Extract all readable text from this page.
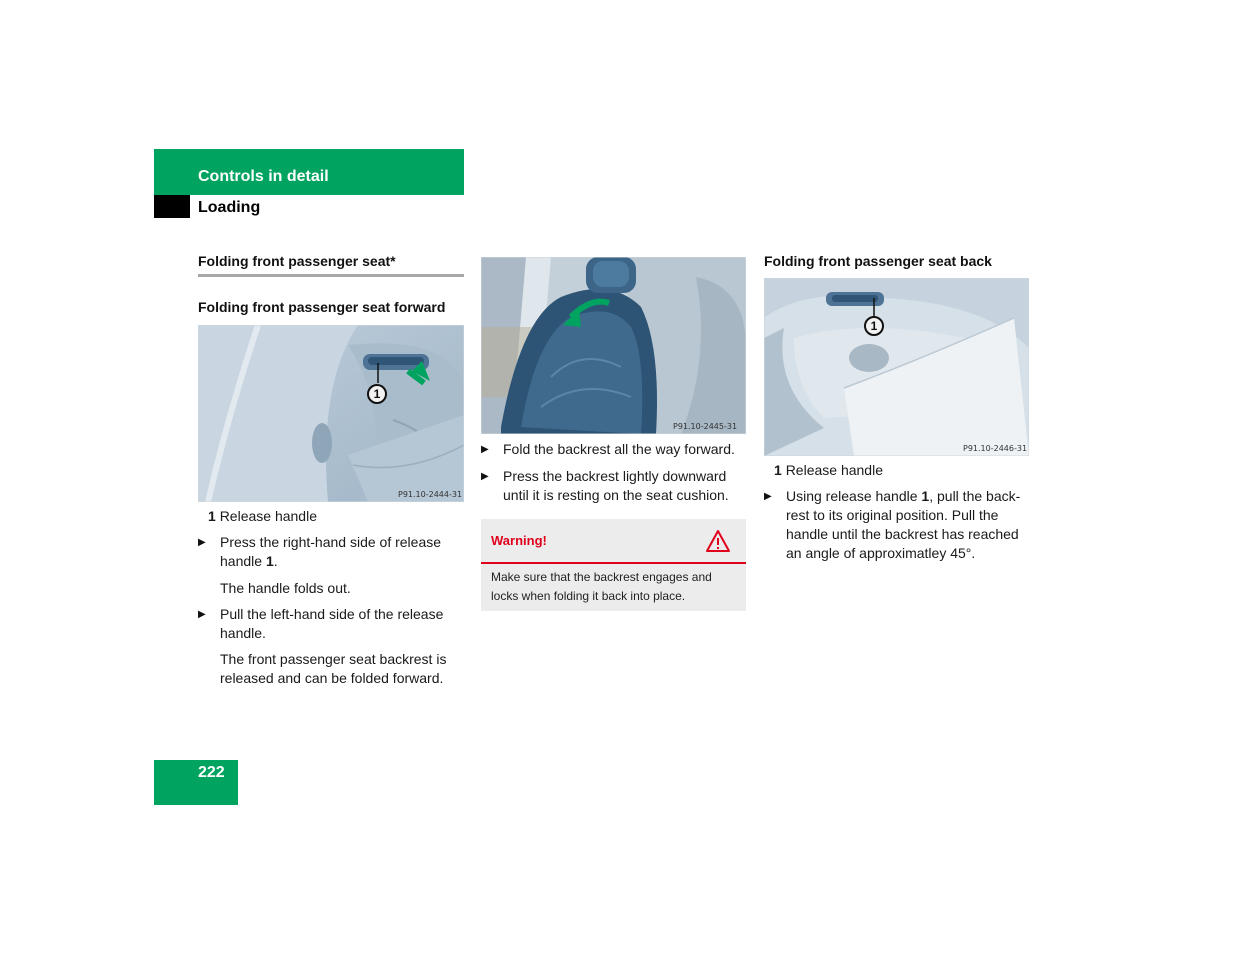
Controls in detail
Loading
Folding front passenger seat*
Folding front passenger seat forward
1
P91.10-2444-31
1 Release handle
▶	Press the right-hand side of release handle 1.
The handle folds out.
▶	Pull the left-hand side of the release handle.
The front passenger seat backrest is released and can be folded forward.
P91.10-2445-31
▶	Fold the backrest all the way forward.
▶	Press the backrest lightly downward until it is resting on the seat cushion.
Warning!
Make sure that the backrest engages and locks when folding it back into place.
Folding front passenger seat back
1
P91.10-2446-31
1 Release handle
▶	Using release handle 1, pull the back-rest to its original position. Pull the handle until the backrest has reached an angle of approximatley 45°.
222
